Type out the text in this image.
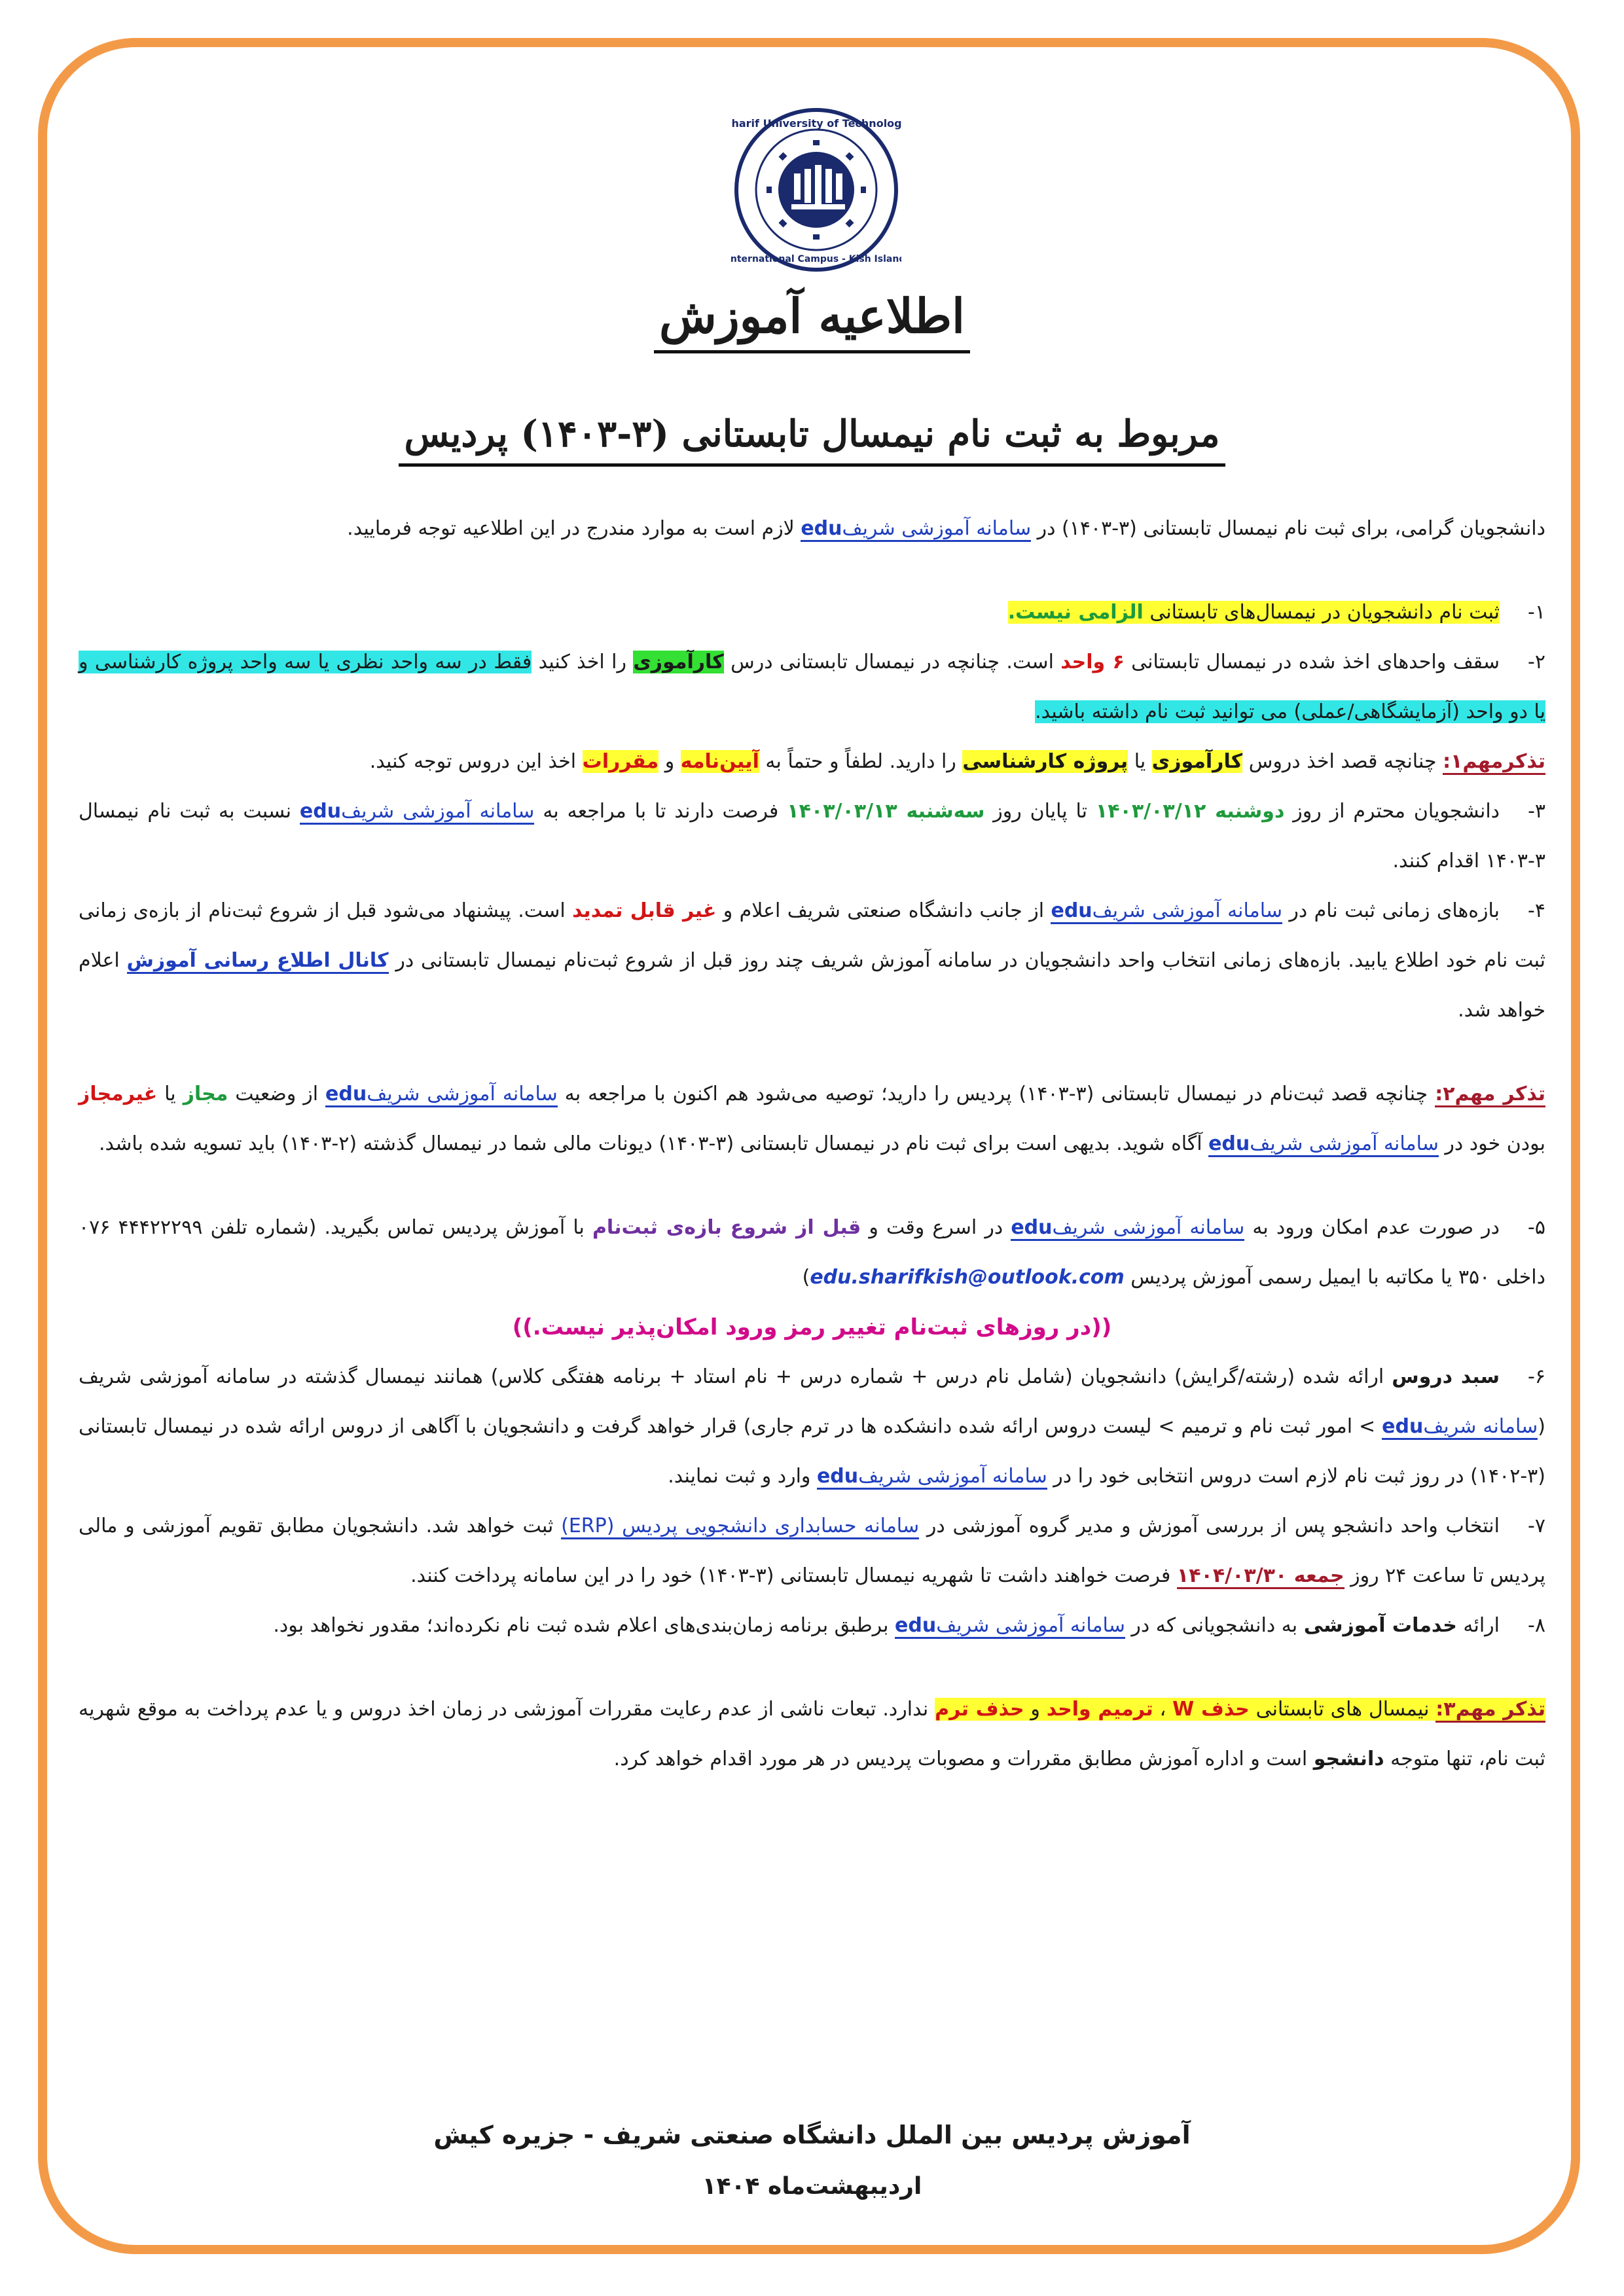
Sharif University of Technology
International Campus - Kish Island
اطلاعیه آموزش
مربوط به ثبت نام نیمسال تابستانی (۳-۱۴۰۳) پردیس

دانشجویان گرامی، برای ثبت نام نیمسال تابستانی (۳-۱۴۰۳) در سامانه آموزشی شریفedu لازم است به موارد مندرج در این اطلاعیه توجه فرمایید.

۱-ثبت نام دانشجویان در نیمسال‌های تابستانی الزامی نیست.

۲-سقف واحدهای اخذ شده در نیمسال تابستانی ۶ واحد است. چنانچه در نیمسال تابستانی درس کارآموزی را اخذ کنید فقط در سه واحد نظری یا سه واحد پروژه کارشناسی و یا دو واحد (آزمایشگاهی/عملی) می توانید ثبت نام داشته باشید.

تذکرمهم۱: چنانچه قصد اخذ دروس کارآموزی یا پروژه کارشناسی را دارید. لطفاً و حتماً به آیین‌نامه و مقررات اخذ این دروس توجه کنید.

۳-دانشجویان محترم از روز دوشنبه ۱۴۰۳/۰۳/۱۲ تا پایان روز سه‌شنبه ۱۴۰۳/۰۳/۱۳ فرصت دارند تا با مراجعه به سامانه آموزشی شریفedu نسبت به ثبت نام نیمسال ۳-۱۴۰۳ اقدام کنند.

۴-بازه‌های زمانی ثبت نام در سامانه آموزشی شریفedu از جانب دانشگاه صنعتی شریف اعلام و غیر قابل تمدید است. پیشنهاد می‌شود قبل از شروع ثبت‌نام از بازه‌ی زمانی ثبت نام خود اطلاع یابید. بازه‌های زمانی انتخاب واحد دانشجویان در سامانه آموزش شریف چند روز قبل از شروع ثبت‌نام نیمسال تابستانی در کانال اطلاع رسانی آموزش اعلام خواهد شد.

تذکر مهم۲: چنانچه قصد ثبت‌نام در نیمسال تابستانی (۳-۱۴۰۳) پردیس را دارید؛ توصیه می‌شود هم اکنون با مراجعه به سامانه آموزشی شریفedu از وضعیت مجاز یا غیرمجاز بودن خود در سامانه آموزشی شریفedu آگاه شوید. بدیهی است برای ثبت نام در نیمسال تابستانی (۳-۱۴۰۳) دیونات مالی شما در نیمسال گذشته (۲-۱۴۰۳) باید تسویه شده باشد.

۵-در صورت عدم امکان ورود به سامانه آموزشی شریفedu در اسرع وقت و قبل از شروع بازه‌ی ثبت‌نام با آموزش پردیس تماس بگیرید. (شماره تلفن ۴۴۴۲۲۲۹۹ ۰۷۶ داخلی ۳۵۰ یا مکاتبه با ایمیل رسمی آموزش پردیس edu.sharifkish@outlook.com)

((در روزهای ثبت‌نام تغییر رمز ورود امکان‌پذیر نیست.))

۶-سبد دروس ارائه شده (رشته/گرایش) دانشجویان (شامل نام درس + شماره درس + نام استاد + برنامه هفتگی کلاس) همانند نیمسال گذشته در سامانه آموزشی شریف (سامانه شریفedu > امور ثبت نام و ترمیم > لیست دروس ارائه شده دانشکده ها در ترم جاری) قرار خواهد گرفت و دانشجویان با آگاهی از دروس ارائه شده در نیمسال تابستانی (۳-۱۴۰۲) در روز ثبت نام لازم است دروس انتخابی خود را در سامانه آموزشی شریفedu وارد و ثبت نمایند.

۷-انتخاب واحد دانشجو پس از بررسی آموزش و مدیر گروه آموزشی در سامانه حسابداری دانشجویی پردیس (ERP) ثبت خواهد شد. دانشجویان مطابق تقویم آموزشی و مالی پردیس تا ساعت ۲۴ روز جمعه ۱۴۰۴/۰۳/۳۰ فرصت خواهند داشت تا شهریه نیمسال تابستانی (۳-۱۴۰۳) خود را در این سامانه پرداخت کنند.

۸-ارائه خدمات آموزشی به دانشجویانی که در سامانه آموزشی شریفedu برطبق برنامه زمان‌بندی‌های اعلام شده ثبت نام نکرده‌اند؛ مقدور نخواهد بود.

تذکر مهم۳: نیمسال های تابستانی حذف W ، ترمیم واحد و حذف ترم ندارد. تبعات ناشی از عدم رعایت مقررات آموزشی در زمان اخذ دروس و یا عدم پرداخت به موقع شهریه ثبت نام، تنها متوجه دانشجو است و اداره آموزش مطابق مقررات و مصوبات پردیس در هر مورد اقدام خواهد کرد.

آموزش پردیس بین الملل دانشگاه صنعتی شریف - جزیره کیش
اردیبهشت‌ماه ۱۴۰۴
